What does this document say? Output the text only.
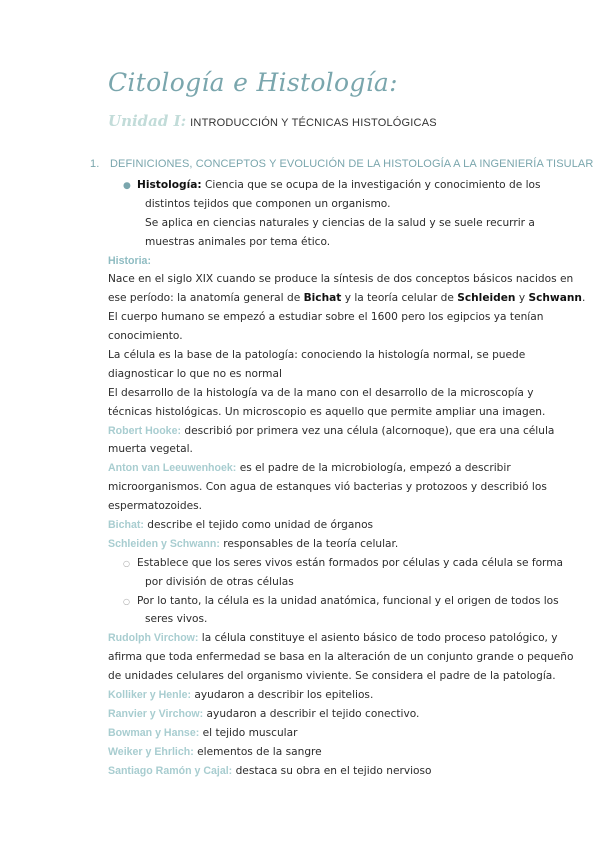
Citología e Histología:
Unidad I: INTRODUCCIÓN Y TÉCNICAS HISTOLÓGICAS
1. DEFINICIONES, CONCEPTOS Y EVOLUCIÓN DE LA HISTOLOGÍA A LA INGENIERÍA TISULAR
● Histología: Ciencia que se ocupa de la investigación y conocimiento de los
distintos tejidos que componen un organismo.
Se aplica en ciencias naturales y ciencias de la salud y se suele recurrir a
muestras animales por tema ético.
Historia:
Nace en el siglo XIX cuando se produce la síntesis de dos conceptos básicos nacidos en
ese período: la anatomía general de Bichat y la teoría celular de Schleiden y Schwann.
El cuerpo humano se empezó a estudiar sobre el 1600 pero los egipcios ya tenían
conocimiento.
La célula es la base de la patología: conociendo la histología normal, se puede
diagnosticar lo que no es normal
El desarrollo de la histología va de la mano con el desarrollo de la microscopía y
técnicas histológicas. Un microscopio es aquello que permite ampliar una imagen.
Robert Hooke: describió por primera vez una célula (alcornoque), que era una célula
muerta vegetal.
Anton van Leeuwenhoek: es el padre de la microbiología, empezó a describir
microorganismos. Con agua de estanques vió bacterias y protozoos y describió los
espermatozoides.
Bichat: describe el tejido como unidad de órganos
Schleiden y Schwann: responsables de la teoría celular.
○ Establece que los seres vivos están formados por células y cada célula se forma
por división de otras células
○ Por lo tanto, la célula es la unidad anatómica, funcional y el origen de todos los
seres vivos.
Rudolph Virchow: la célula constituye el asiento básico de todo proceso patológico, y
afirma que toda enfermedad se basa en la alteración de un conjunto grande o pequeño
de unidades celulares del organismo viviente. Se considera el padre de la patología.
Kolliker y Henle: ayudaron a describir los epitelios.
Ranvier y Virchow: ayudaron a describir el tejido conectivo.
Bowman y Hanse: el tejido muscular
Weiker y Ehrlich: elementos de la sangre
Santiago Ramón y Cajal: destaca su obra en el tejido nervioso
